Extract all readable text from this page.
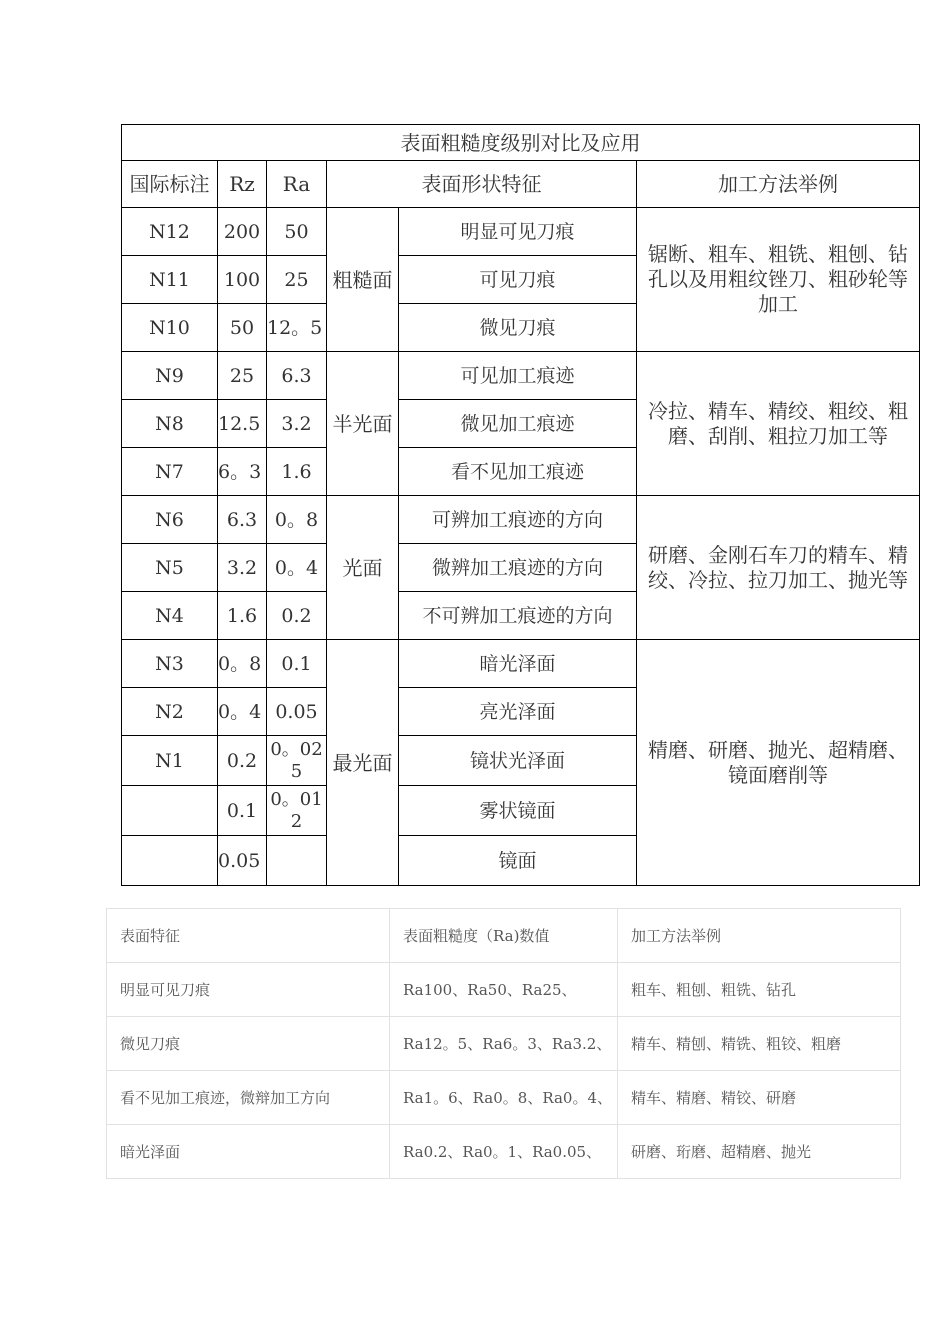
表面粗糙度级别对比及应用					
国际标注	Rz	Ra	表面形状特征		加工方法举例
N12	200	50	粗糙面	明显可见刀痕	锯断、粗车、粗铣、粗刨、钻孔以及用粗纹锉刀、粗砂轮等加工
N11	100	25		可见刀痕	
N10	50	12。5		微见刀痕	
N9	25	6.3	半光面	可见加工痕迹	冷拉、精车、精绞、粗绞、粗磨、刮削、粗拉刀加工等
N8	12.5	3.2		微见加工痕迹	
N7	6。3	1.6		看不见加工痕迹	
N6	6.3	0。8	光面	可辨加工痕迹的方向	研磨、金刚石车刀的精车、精绞、冷拉、拉刀加工、抛光等
N5	3.2	0。4		微辨加工痕迹的方向	
N4	1.6	0.2		不可辨加工痕迹的方向	
N3	0。8	0.1	最光面	暗光泽面	精磨、研磨、抛光、超精磨、
镜面磨削等
N2	0。4	0.05		亮光泽面	
N1	0.2	0。025		镜状光泽面	
	0.1	0。012		雾状镜面	
	0.05			镜面	
表面特征	表面粗糙度（Ra)数值	加工方法举例
明显可见刀痕	Ra100、Ra50、Ra25、	粗车、粗刨、粗铣、钻孔
微见刀痕	Ra12。5、Ra6。3、Ra3.2、	精车、精刨、精铣、粗铰、粗磨
看不见加工痕迹，微辩加工方向	Ra1。6、Ra0。8、Ra0。4、	精车、精磨、精铰、研磨
暗光泽面	Ra0.2、Ra0。1、Ra0.05、	研磨、珩磨、超精磨、抛光
